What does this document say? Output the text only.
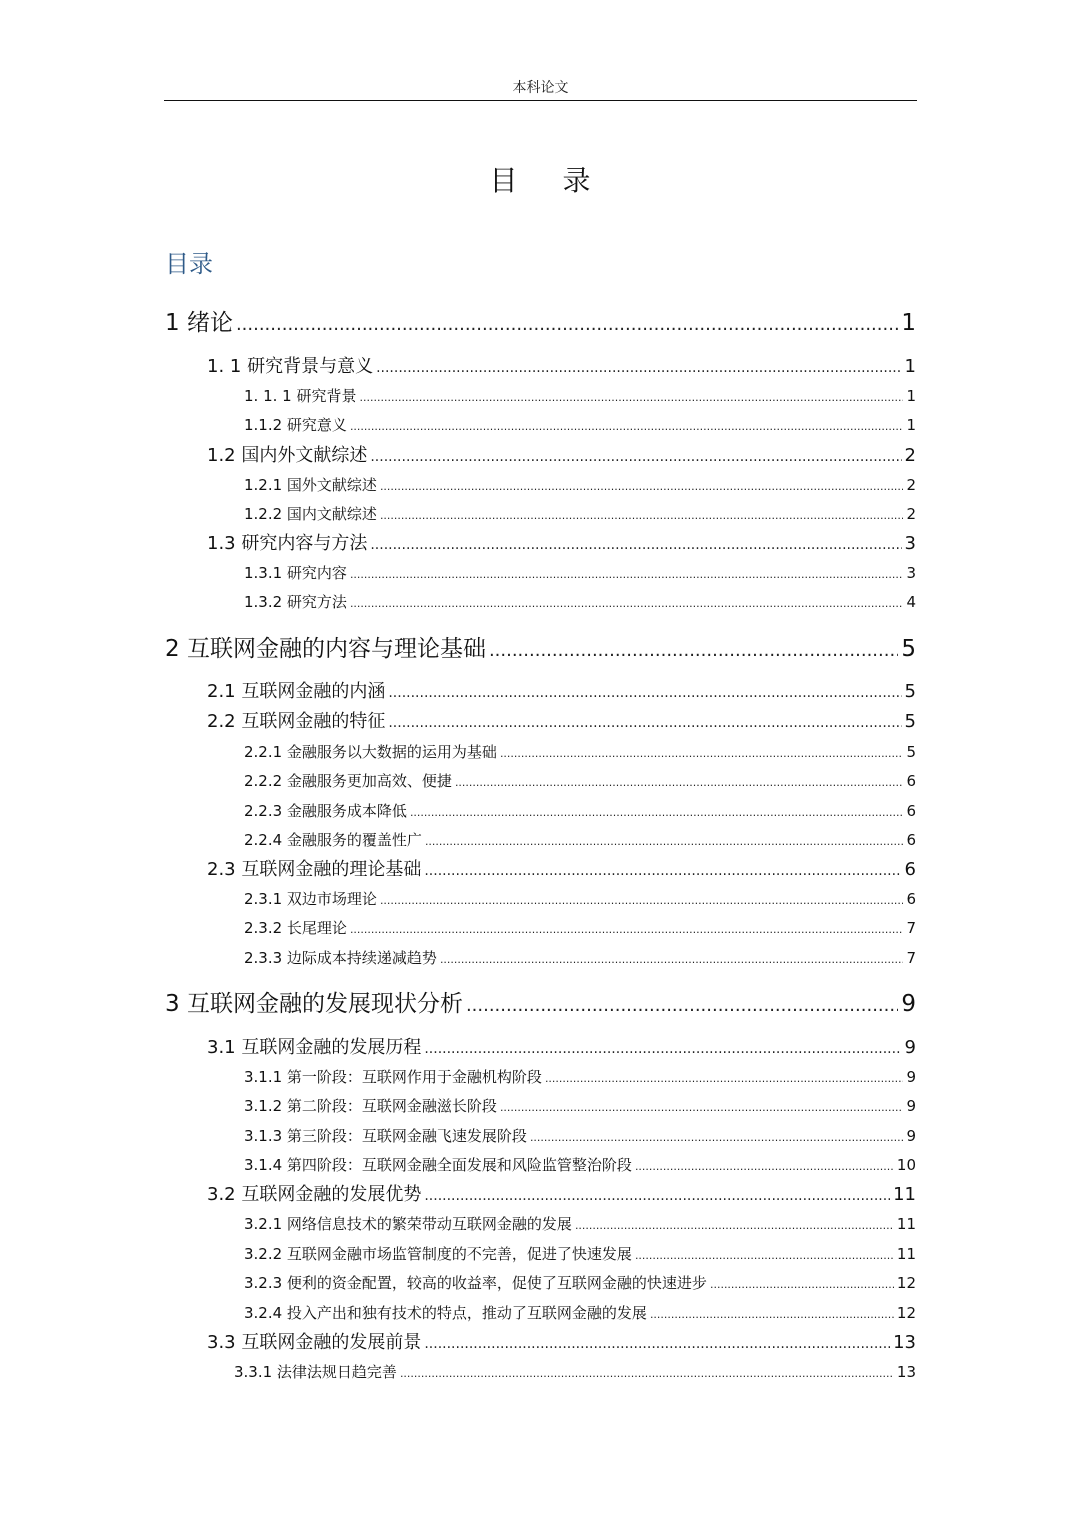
本科论文
目 录
目录
1 绪论 .....	1
1. 1 研究背景与意义 .....	1
1. 1. 1 研究背景 .....	1
1.1.2 研究意义 .....	1
1.2 国内外文献综述 .....	2
1.2.1 国外文献综述 .....	2
1.2.2 国内文献综述 .....	2
1.3 研究内容与方法 .....	3
1.3.1 研究内容 .....	3
1.3.2 研究方法 .....	4
2 互联网金融的内容与理论基础 .....	5
2.1 互联网金融的内涵 .....	5
2.2 互联网金融的特征 .....	5
2.2.1 金融服务以大数据的运用为基础 .....	5
2.2.2 金融服务更加高效、便捷 .....	6
2.2.3 金融服务成本降低 .....	6
2.2.4 金融服务的覆盖性广 .....	6
2.3 互联网金融的理论基础 .....	6
2.3.1 双边市场理论 .....	6
2.3.2 长尾理论 .....	7
2.3.3 边际成本持续递减趋势 .....	7
3 互联网金融的发展现状分析 .....	9
3.1 互联网金融的发展历程 .....	9
3.1.1 第一阶段：互联网作用于金融机构阶段 .....	9
3.1.2 第二阶段：互联网金融滋长阶段 .....	9
3.1.3 第三阶段：互联网金融飞速发展阶段 .....	9
3.1.4 第四阶段：互联网金融全面发展和风险监管整治阶段 .....	10
3.2 互联网金融的发展优势 .....	11
3.2.1 网络信息技术的繁荣带动互联网金融的发展 .....	11
3.2.2 互联网金融市场监管制度的不完善，促进了快速发展 .....	11
3.2.3 便利的资金配置，较高的收益率，促使了互联网金融的快速进步 .....	12
3.2.4 投入产出和独有技术的特点，推动了互联网金融的发展 .....	12
3.3 互联网金融的发展前景 .....	13
3.3.1 法律法规日趋完善 .....	13
